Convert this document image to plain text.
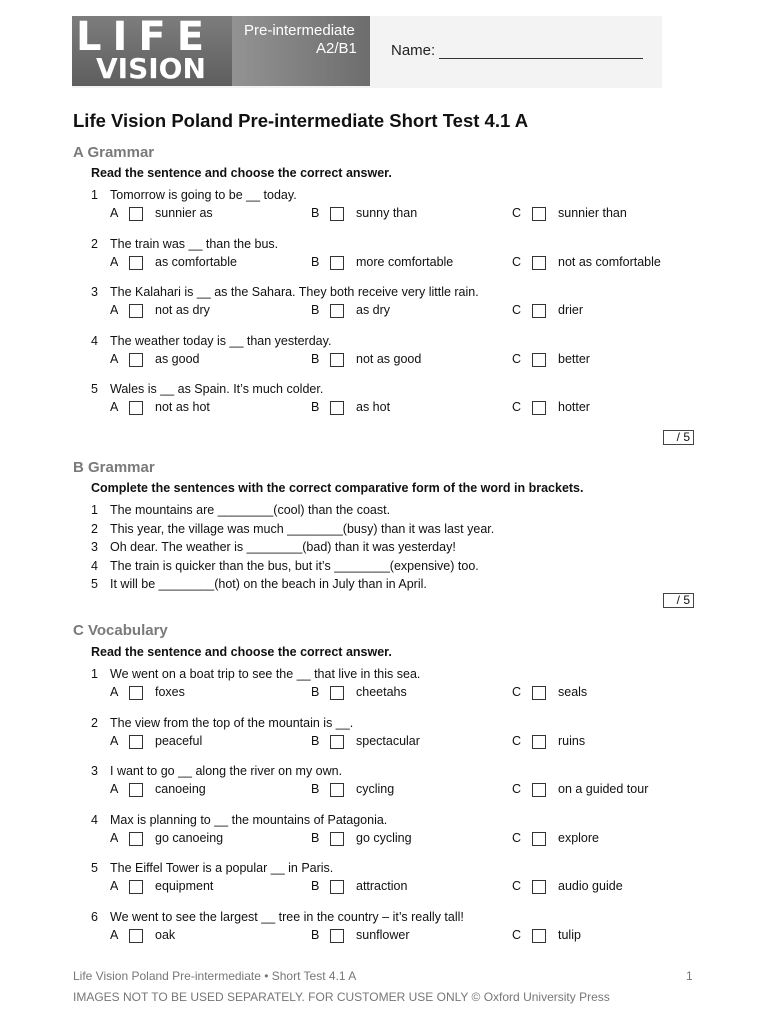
LIFE
VISION
Pre-intermediate
A2/B1 Name:
Life Vision Poland Pre-intermediate Short Test 4.1 A
A Grammar
Read the sentence and choose the correct answer.
1 Tomorrow is going to be __ today.
A	sunnier as	B	sunny than	C	sunnier than
2 The train was __ than the bus.
A	as comfortable	B	more comfortable	C	not as comfortable
3 The Kalahari is __ as the Sahara. They both receive very little rain.
A	not as dry	B	as dry	C	drier
4 The weather today is __ than yesterday.
A	as good	B	not as good	C	better
5 Wales is __ as Spain. It’s much colder.
A	not as hot	B	as hot	C	hotter
/ 5
B Grammar
Complete the sentences with the correct comparative form of the word in brackets.
1 The mountains are ________(cool) than the coast.
2 This year, the village was much ________(busy) than it was last year.
3 Oh dear. The weather is ________(bad) than it was yesterday!
4 The train is quicker than the bus, but it’s ________(expensive) too.
5 It will be ________(hot) on the beach in July than in April.
/ 5
C Vocabulary
Read the sentence and choose the correct answer.
1 We went on a boat trip to see the __ that live in this sea.
A	foxes	B	cheetahs	C	seals
2 The view from the top of the mountain is __.
A	peaceful	B	spectacular	C	ruins
3 I want to go __ along the river on my own.
A	canoeing	B	cycling	C	on a guided tour
4 Max is planning to __ the mountains of Patagonia.
A	go canoeing	B	go cycling	C	explore
5 The Eiffel Tower is a popular __ in Paris.
A	equipment	B	attraction	C	audio guide
6 We went to see the largest __ tree in the country – it’s really tall!
A	oak	B	sunflower	C	tulip
Life Vision Poland Pre-intermediate • Short Test 4.1 A	1
IMAGES NOT TO BE USED SEPARATELY. FOR CUSTOMER USE ONLY © Oxford University Press
